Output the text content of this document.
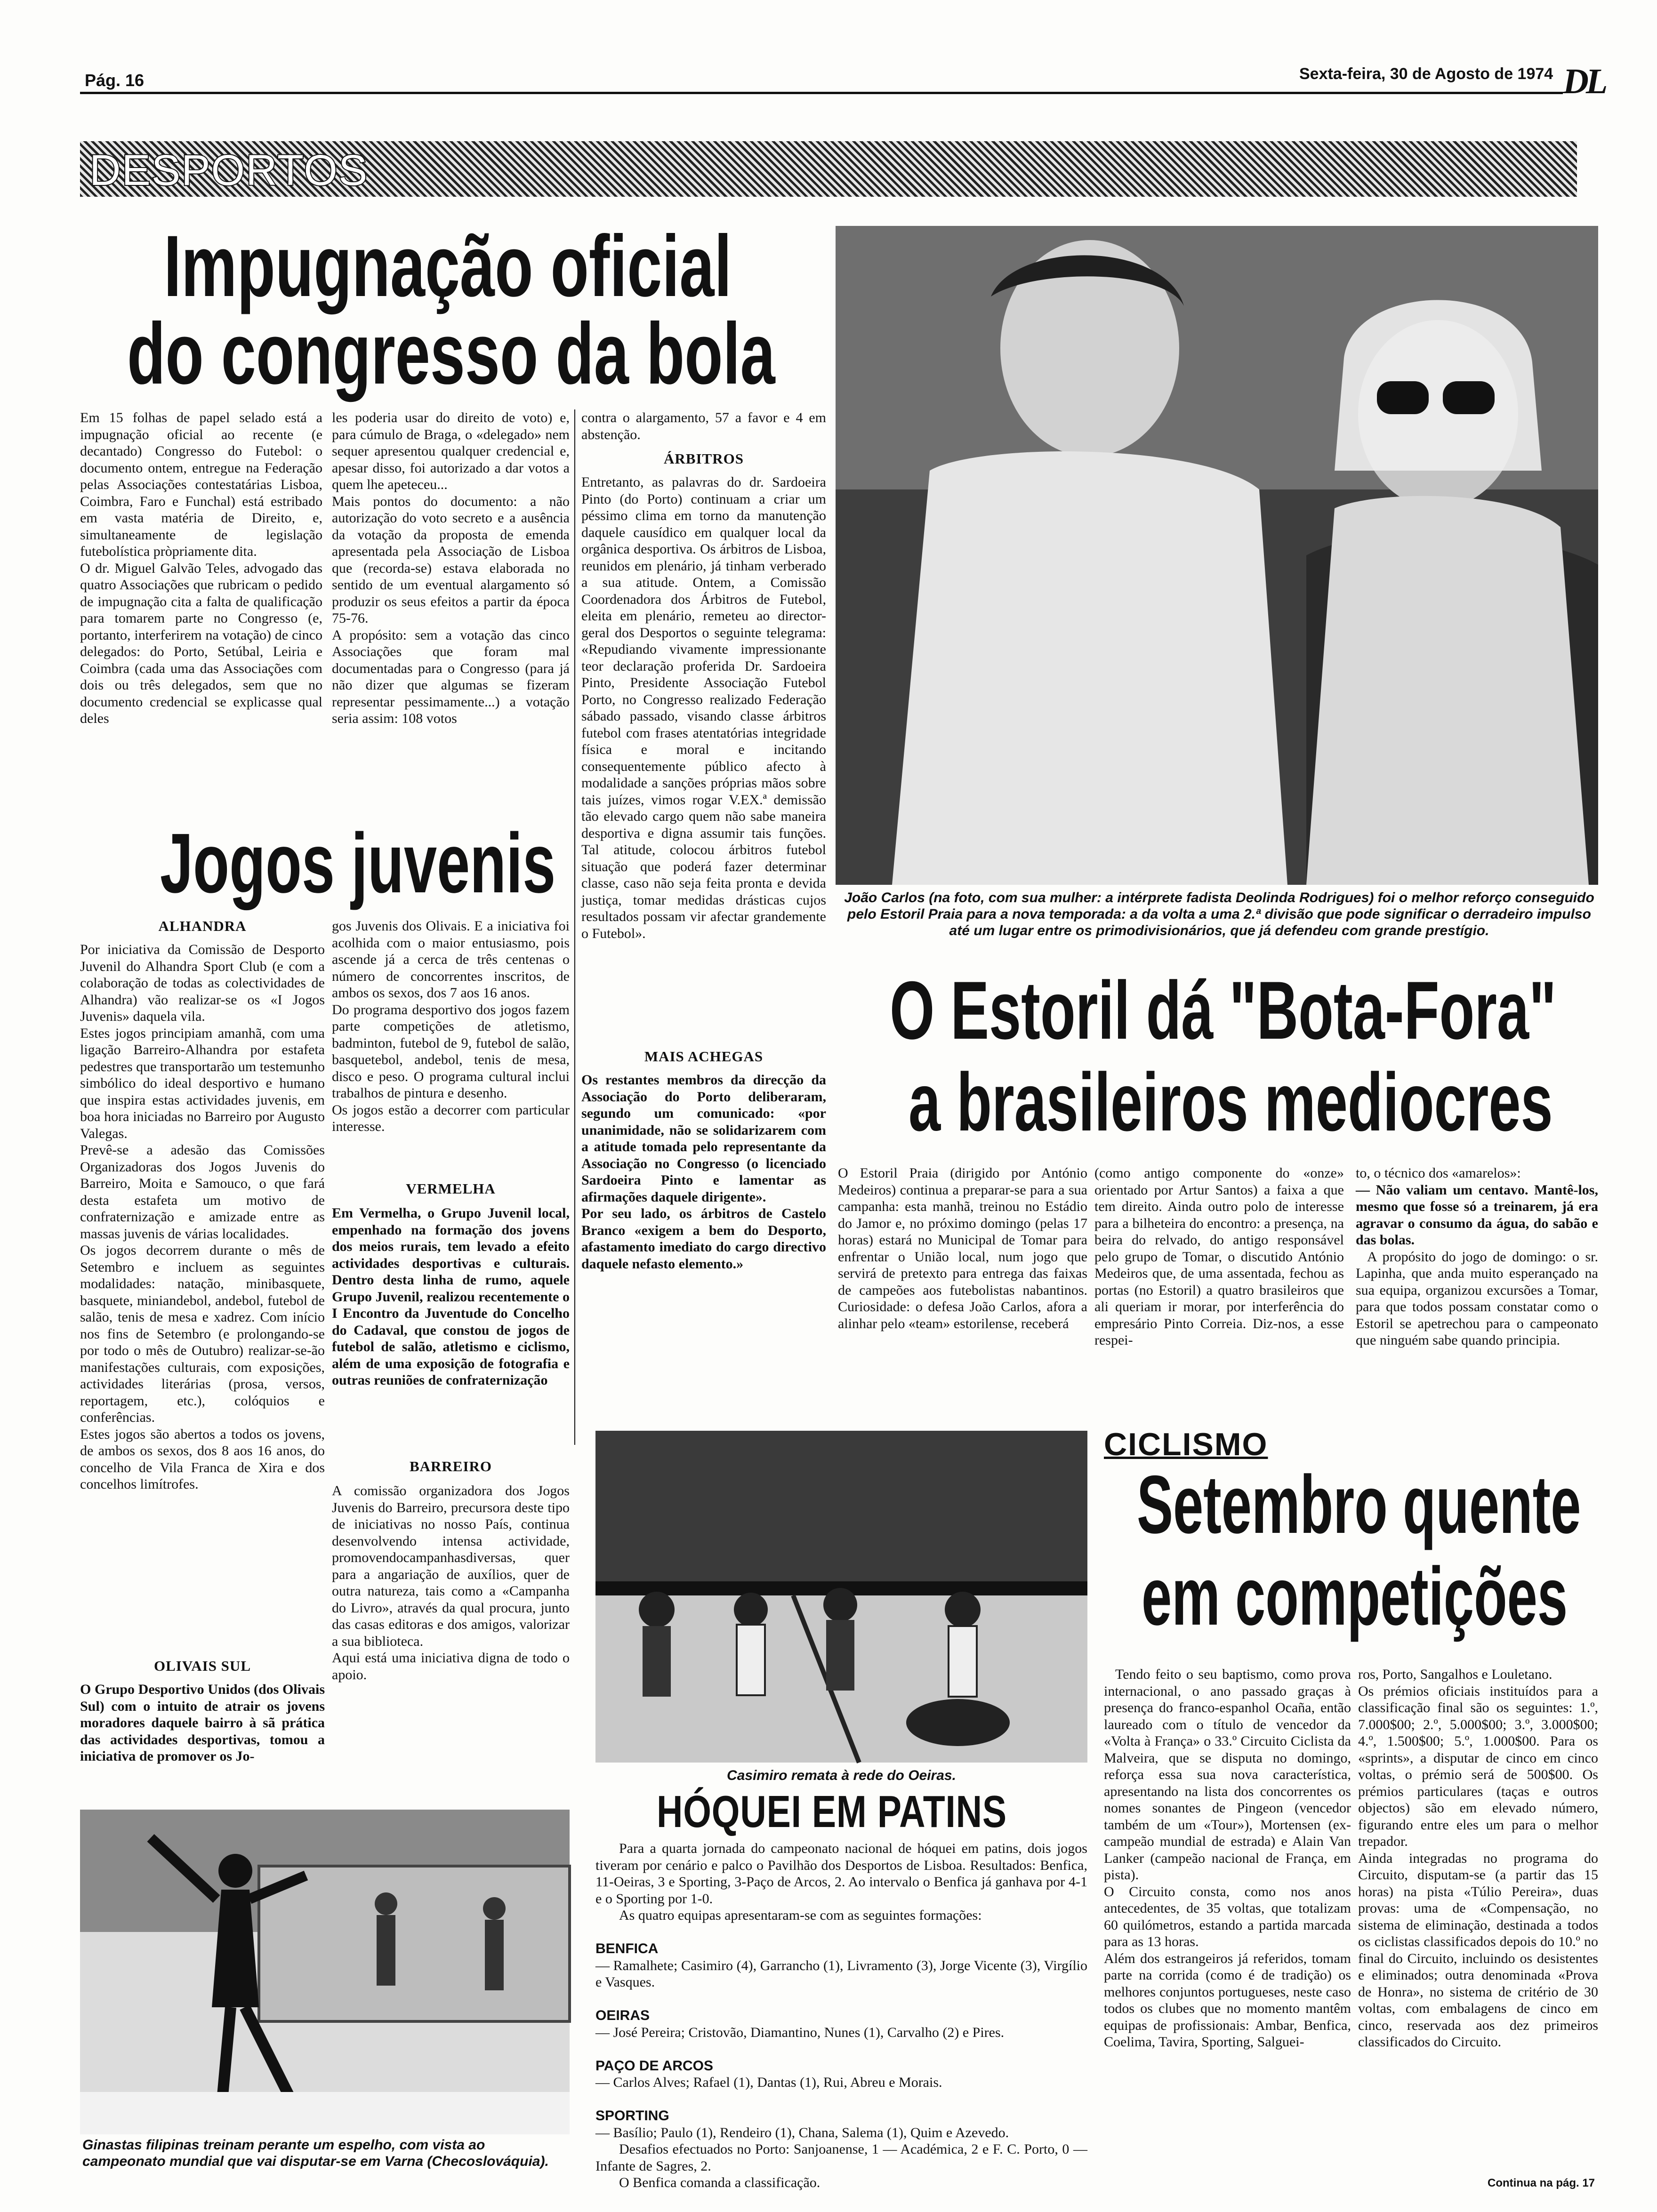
Pág. 16	Sexta-feira, 30 de Agosto de 1974 DL
DESPORTOS
Impugnação oficial
do congresso da bola
Em 15 folhas de papel selado está a impugnação oficial ao recente (e decantado) Congresso do Futebol: o documento ontem, entregue na Federação pelas Associações contestatárias Lisboa, Coimbra, Faro e Funchal) está estribado em vasta matéria de Direito, e, simultaneamente de legislação futebolística pròpriamente dita.
O dr. Miguel Galvão Teles, advogado das quatro Associações que rubricam o pedido de impugnação cita a falta de qualificação para tomarem parte no Congresso (e, portanto, interferirem na votação) de cinco delegados: do Porto, Setúbal, Leiria e Coimbra (cada uma das Associações com dois ou três delegados, sem que no documento credencial se explicasse qual deles
les poderia usar do direito de voto) e, para cúmulo de Braga, o «delegado» nem sequer apresentou qualquer credencial e, apesar disso, foi autorizado a dar votos a quem lhe apeteceu...
Mais pontos do documento: a não autorização do voto secreto e a ausência da votação da proposta de emenda apresentada pela Associação de Lisboa que (recorda-se) estava elaborada no sentido de um eventual alargamento só produzir os seus efeitos a partir da época 75-76.
A propósito: sem a votação das cinco Associações que foram mal documentadas para o Congresso (para já não dizer que algumas se fizeram representar pessimamente...) a votação seria assim: 108 votos
contra o alargamento, 57 a favor e 4 em abstenção.
ÁRBITROS
Entretanto, as palavras do dr. Sardoeira Pinto (do Porto) continuam a criar um péssimo clima em torno da manutenção daquele causídico em qualquer local da orgânica desportiva. Os árbitros de Lisboa, reunidos em plenário, já tinham verberado a sua atitude. Ontem, a Comissão Coordenadora dos Árbitros de Futebol, eleita em plenário, remeteu ao director-geral dos Desportos o seguinte telegrama: «Repudiando vivamente impressionante teor declaração proferida Dr. Sardoeira Pinto, Presidente Associação Futebol Porto, no Congresso realizado Federação sábado passado, visando classe árbitros futebol com frases atentatórias integridade física e moral e incitando consequentemente público afecto à modalidade a sanções próprias mãos sobre tais juízes, vimos rogar V.EX.ª demissão tão elevado cargo quem não sabe maneira desportiva e digna assumir tais funções. Tal atitude, colocou árbitros futebol situação que poderá fazer determinar classe, caso não seja feita pronta e devida justiça, tomar medidas drásticas cujos resultados possam vir afectar grandemente o Futebol».
MAIS ACHEGAS
Os restantes membros da direcção da Associação do Porto deliberaram, segundo um comunicado: «por unanimidade, não se solidarizarem com a atitude tomada pelo representante da Associação no Congresso (o licenciado Sardoeira Pinto e lamentar as afirmações daquele dirigente».
Por seu lado, os árbitros de Castelo Branco «exigem a bem do Desporto, afastamento imediato do cargo directivo daquele nefasto elemento.»
Jogos juvenis
ALHANDRA
Por iniciativa da Comissão de Desporto Juvenil do Alhandra Sport Club (e com a colaboração de todas as colectividades de Alhandra) vão realizar-se os «I Jogos Juvenis» daquela vila.
Estes jogos principiam amanhã, com uma ligação Barreiro-Alhandra por estafeta pedestres que transportarão um testemunho simbólico do ideal desportivo e humano que inspira estas actividades juvenis, em boa hora iniciadas no Barreiro por Augusto Valegas.
Prevê-se a adesão das Comissões Organizadoras dos Jogos Juvenis do Barreiro, Moita e Samouco, o que fará desta estafeta um motivo de confraternização e amizade entre as massas juvenis de várias localidades.
Os jogos decorrem durante o mês de Setembro e incluem as seguintes modalidades: natação, minibasquete, basquete, miniandebol, andebol, futebol de salão, tenis de mesa e xadrez. Com início nos fins de Setembro (e prolongando-se por todo o mês de Outubro) realizar-se-ão manifestações culturais, com exposições, actividades literárias (prosa, versos, reportagem, etc.), colóquios e conferências.
Estes jogos são abertos a todos os jovens, de ambos os sexos, dos 8 aos 16 anos, do concelho de Vila Franca de Xira e dos concelhos limítrofes.
OLIVAIS SUL
O Grupo Desportivo Unidos (dos Olivais Sul) com o intuito de atrair os jovens moradores daquele bairro à sã prática das actividades desportivas, tomou a iniciativa de promover os Jo-
gos Juvenis dos Olivais. E a iniciativa foi acolhida com o maior entusiasmo, pois ascende já a cerca de três centenas o número de concorrentes inscritos, de ambos os sexos, dos 7 aos 16 anos.
Do programa desportivo dos jogos fazem parte competições de atletismo, badminton, futebol de 9, futebol de salão, basquetebol, andebol, tenis de mesa, disco e peso. O programa cultural inclui trabalhos de pintura e desenho.
Os jogos estão a decorrer com particular interesse.
VERMELHA
Em Vermelha, o Grupo Juvenil local, empenhado na formação dos jovens dos meios rurais, tem levado a efeito actividades desportivas e culturais. Dentro desta linha de rumo, aquele Grupo Juvenil, realizou recentemente o I Encontro da Juventude do Concelho do Cadaval, que constou de jogos de futebol de salão, atletismo e ciclismo, além de uma exposição de fotografia e outras reuniões de confraternização
BARREIRO
A comissão organizadora dos Jogos Juvenis do Barreiro, precursora deste tipo de iniciativas no nosso País, continua desenvolvendo intensa actividade, promovendocampanhasdiversas, quer para a angariação de auxílios, quer de outra natureza, tais como a «Campanha do Livro», através da qual procura, junto das casas editoras e dos amigos, valorizar a sua biblioteca.
Aqui está uma iniciativa digna de todo o apoio.
João Carlos (na foto, com sua mulher: a intérprete fadista Deolinda Rodrigues) foi o melhor reforço conseguido pelo Estoril Praia para a nova temporada: a da volta a uma 2.ª divisão que pode significar o derradeiro impulso até um lugar entre os primodivisionários, que já defendeu com grande prestígio.
O Estoril dá "Bota-Fora"
a brasileiros mediocres
O Estoril Praia (dirigido por António Medeiros) continua a preparar-se para a sua campanha: esta manhã, treinou no Estádio do Jamor e, no próximo domingo (pelas 17 horas) estará no Municipal de Tomar para enfrentar o União local, num jogo que servirá de pretexto para entrega das faixas de campeões aos futebolistas nabantinos. Curiosidade: o defesa João Carlos, afora a alinhar pelo «team» estorilense, receberá
(como antigo componente do «onze» orientado por Artur Santos) a faixa a que tem direito. Ainda outro polo de interesse para a bilheteira do encontro: a presença, na beira do relvado, do antigo responsável pelo grupo de Tomar, o discutido António Medeiros que, de uma assentada, fechou as portas (no Estoril) a quatro brasileiros que ali queriam ir morar, por interferência do empresário Pinto Correia. Diz-nos, a esse respei-
to, o técnico dos «amarelos»:
— Não valiam um centavo. Mantê-los, mesmo que fosse só a treinarem, já era agravar o consumo da água, do sabão e das bolas.
A propósito do jogo de domingo: o sr. Lapinha, que anda muito esperançado na sua equipa, organizou excursões a Tomar, para que todos possam constatar como o Estoril se apetrechou para o campeonato que ninguém sabe quando principia.
Casimiro remata à rede do Oeiras.
HÓQUEI EM PATINS
Para a quarta jornada do campeonato nacional de hóquei em patins, dois jogos tiveram por cenário e palco o Pavilhão dos Desportos de Lisboa. Resultados: Benfica, 11-Oeiras, 3 e Sporting, 3-Paço de Arcos, 2. Ao intervalo o Benfica já ganhava por 4-1 e o Sporting por 1-0.
As quatro equipas apresentaram-se com as seguintes formações:

BENFICA
— Ramalhete; Casimiro (4), Garrancho (1), Livramento (3), Jorge Vicente (3), Virgílio e Vasques.

OEIRAS
— José Pereira; Cristovão, Diamantino, Nunes (1), Carvalho (2) e Pires.

PAÇO DE ARCOS
— Carlos Alves; Rafael (1), Dantas (1), Rui, Abreu e Morais.

SPORTING
— Basílio; Paulo (1), Rendeiro (1), Chana, Salema (1), Quim e Azevedo.

Desafios efectuados no Porto: Sanjoanense, 1 — Académica, 2 e F. C. Porto, 0 — Infante de Sagres, 2.
O Benfica comanda a classificação.
Ginastas filipinas treinam perante um espelho, com vista ao campeonato mundial que vai disputar-se em Varna (Checoslováquia).
CICLISMO
Setembro quente
em competições
Tendo feito o seu baptismo, como prova internacional, o ano passado graças à presença do franco-espanhol Ocaña, então laureado com o título de vencedor da «Volta à França» o 33.º Circuito Ciclista da Malveira, que se disputa no domingo, reforça essa sua nova característica, apresentando na lista dos concorrentes os nomes sonantes de Pingeon (vencedor também de um «Tour»), Mortensen (ex-campeão mundial de estrada) e Alain Van Lanker (campeão nacional de França, em pista).
O Circuito consta, como nos anos antecedentes, de 35 voltas, que totalizam 60 quilómetros, estando a partida marcada para as 13 horas.
Além dos estrangeiros já referidos, tomam parte na corrida (como é de tradição) os melhores conjuntos portugueses, neste caso todos os clubes que no momento mantêm equipas de profissionais: Ambar, Benfica, Coelima, Tavira, Sporting, Salguei-
ros, Porto, Sangalhos e Louletano.
Os prémios oficiais instituídos para a classificação final são os seguintes: 1.º, 7.000$00; 2.º, 5.000$00; 3.º, 3.000$00; 4.º, 1.500$00; 5.º, 1.000$00. Para os «sprints», a disputar de cinco em cinco voltas, o prémio será de 500$00. Os prémios particulares (taças e outros objectos) são em elevado número, figurando entre eles um para o melhor trepador.
Ainda integradas no programa do Circuito, disputam-se (a partir das 15 horas) na pista «Túlio Pereira», duas provas: uma de «Compensação, no sistema de eliminação, destinada a todos os ciclistas classificados depois do 10.º no final do Circuito, incluindo os desistentes e eliminados; outra denominada «Prova de Honra», no sistema de critério de 30 voltas, com embalagens de cinco em cinco, reservada aos dez primeiros classificados do Circuito.
Continua na pág. 17
